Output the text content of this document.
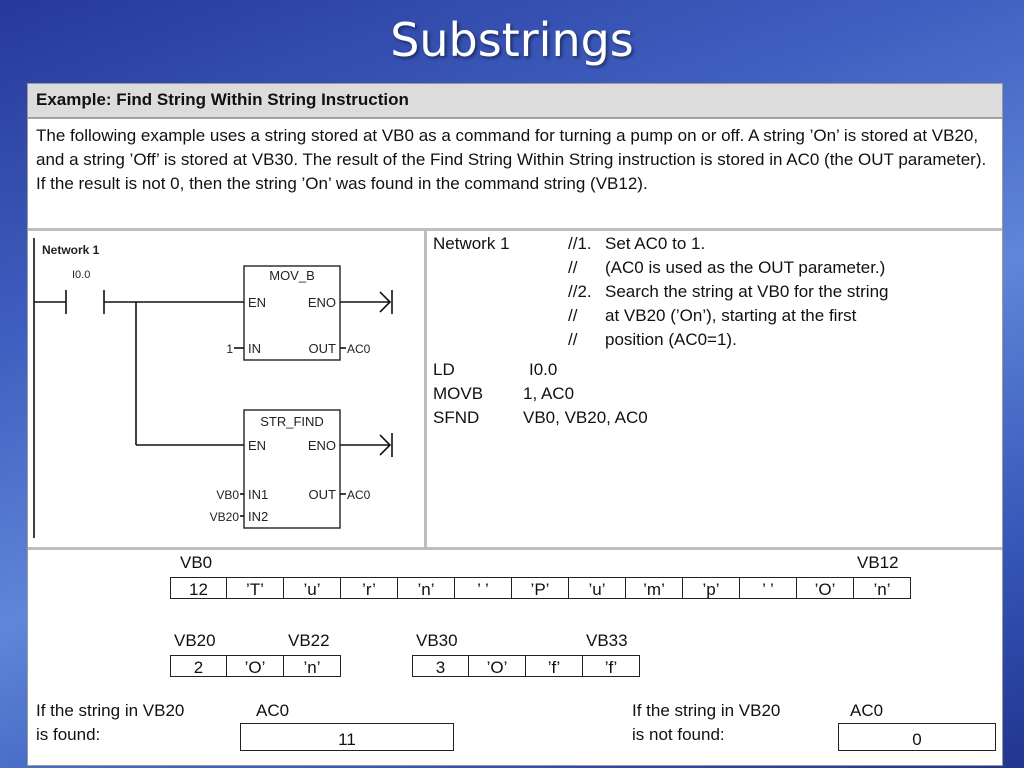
Substrings
Example: Find String Within String Instruction
The following example uses a string stored at VB0 as a command for turning a pump on or off. A string ’On’ is stored at VB20, and a string ’Off’ is stored at VB30. The result of the Find String Within String instruction is stored in AC0 (the OUT parameter). If the result is not 0, then the string ’On’ was found in the command string (VB12).
Network 1
I0.0	MOV_B
EN	ENO
IN	OUT
1	AC0
STR_FIND
EN	ENO
IN1
IN2
OUT
VB0
VB20
AC0
Network 1	//1. Set AC0 to 1.
// (AC0 is used as the OUT parameter.)
//2. Search the string at VB0 for the string
// at VB20 (’On’), starting at the first
// position (AC0=1).
LD	I0.0
MOVB 1, AC0
SFND	VB0, VB20, AC0
VB0	VB12
12	’T’	’u’	’r’	’n’	’ ’	’P’	’u’	’m’	’p’	’ ’	’O’	’n’
VB20	VB22
2	’O’	’n’
VB30	VB33
3	’O’	’f’	’f’
If the string in VB20
is found:
AC0
11
If the string in VB20
is not found:
AC0
0
